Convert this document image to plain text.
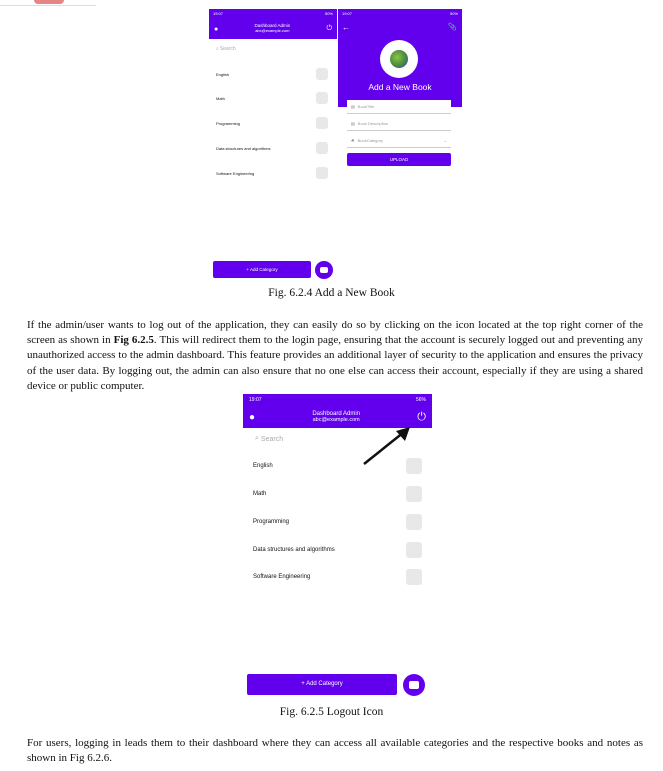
19:07	50%
●	Dashboard Admin
abc@example.com	⏻
⌕ Search
English
Math
Programming
Data structures and algorithms
Software Engineering
+ Add Category
19:07	50%
←	📎
Add a New Book
▤ BookTitle
▤ Book Description
☘ BookCategory	⌄
UPLOAD
Fig. 6.2.4 Add a New Book

If the admin/user wants to log out of the application, they can easily do so by clicking on the icon located at the top right corner of the screen as shown in Fig 6.2.5. This will redirect them to the login page, ensuring that the account is securely logged out and preventing any unauthorized access to the admin dashboard. This feature provides an additional layer of security to the application and ensures the privacy of the user data. By logging out, the admin can also ensure that no one else can access their account, especially if they are using a shared device or public computer.

19:07	56%
●	Dashboard Admin
abc@example.com	⏻
⌕ Search
English
Math
Programming
Data structures and algorithms
Software Engineering
+ Add Category
Fig. 6.2.5 Logout Icon

For users, logging in leads them to their dashboard where they can access all available categories and the respective books and notes as shown in Fig 6.2.6.
